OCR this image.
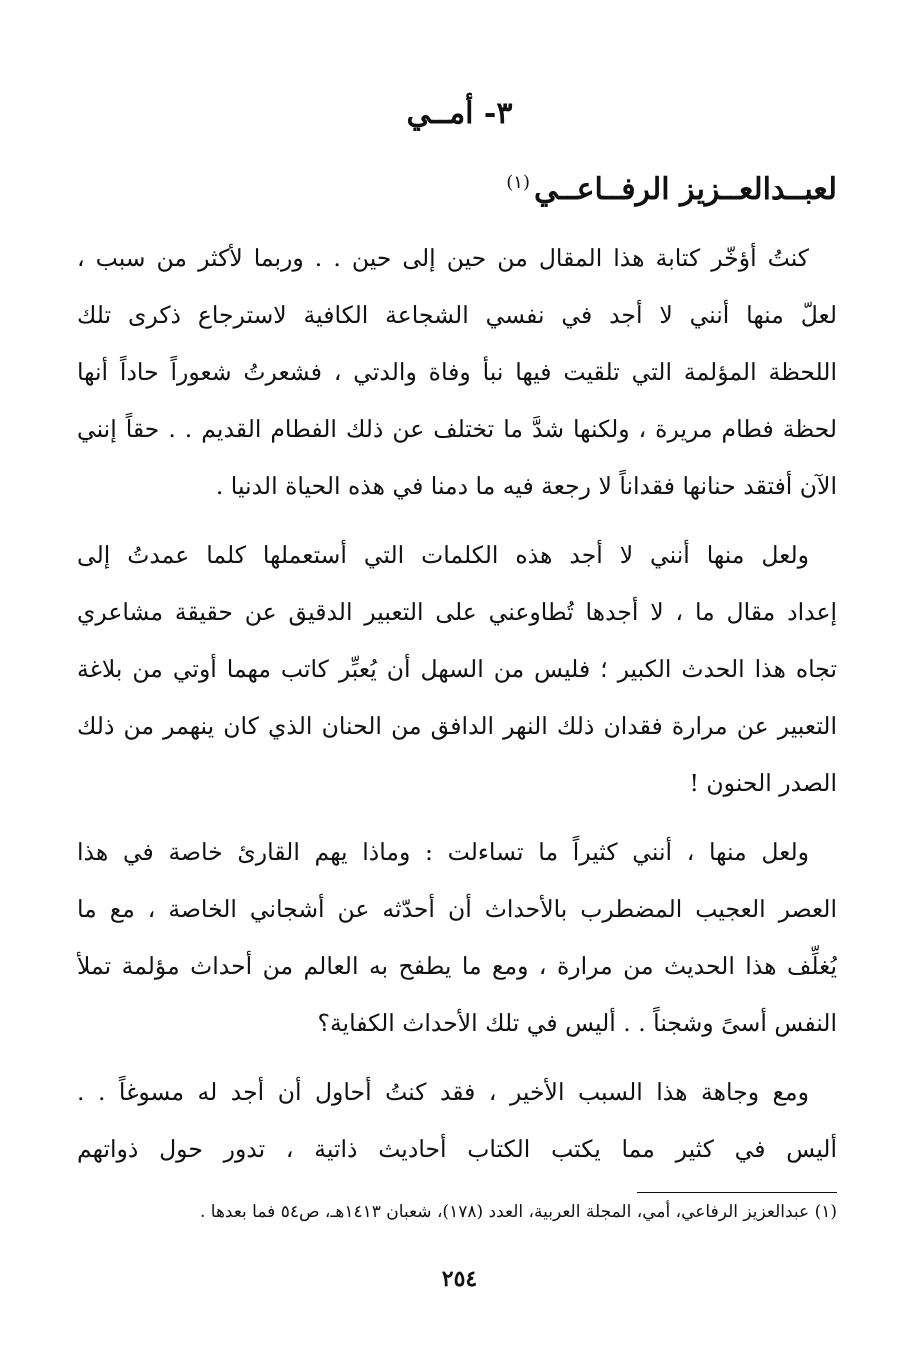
٣- أمــي
لعبــدالعــزيز الرفــاعــي$^{(١)}$
كنتُ أؤخّر كتابة هذا المقال من حين إلى حين . . وربما لأكثر من سبب ،
لعلّ منها أنني لا أجد في نفسي الشجاعة الكافية لاسترجاع ذكرى تلك
اللحظة المؤلمة التي تلقيت فيها نبأ وفاة والدتي ، فشعرتُ شعوراً حاداً أنها
لحظة فطام مريرة ، ولكنها شدَّ ما تختلف عن ذلك الفطام القديم . . حقاً إنني
الآن أفتقد حنانها فقداناً لا رجعة فيه ما دمنا في هذه الحياة الدنيا .
ولعل منها أنني لا أجد هذه الكلمات التي أستعملها كلما عمدتُ إلى
إعداد مقال ما ، لا أجدها تُطاوعني على التعبير الدقيق عن حقيقة مشاعري
تجاه هذا الحدث الكبير ؛ فليس من السهل أن يُعبِّر كاتب مهما أوتي من بلاغة
التعبير عن مرارة فقدان ذلك النهر الدافق من الحنان الذي كان ينهمر من ذلك
الصدر الحنون !
ولعل منها ، أنني كثيراً ما تساءلت : وماذا يهم القارئ خاصة في هذا
العصر العجيب المضطرب بالأحداث أن أحدّثه عن أشجاني الخاصة ، مع ما
يُغلِّف هذا الحديث من مرارة ، ومع ما يطفح به العالم من أحداث مؤلمة تملأ
النفس أسىً وشجناً . . أليس في تلك الأحداث الكفاية؟
ومع وجاهة هذا السبب الأخير ، فقد كنتُ أحاول أن أجد له مسوغاً . .
أليس في كثير مما يكتب الكتاب أحاديث ذاتية ، تدور حول ذواتهم
(١) عبدالعزيز الرفاعي، أمي، المجلة العربية، العدد (١٧٨)، شعبان ١٤١٣هـ، ص٥٤ فما بعدها .
٢٥٤
